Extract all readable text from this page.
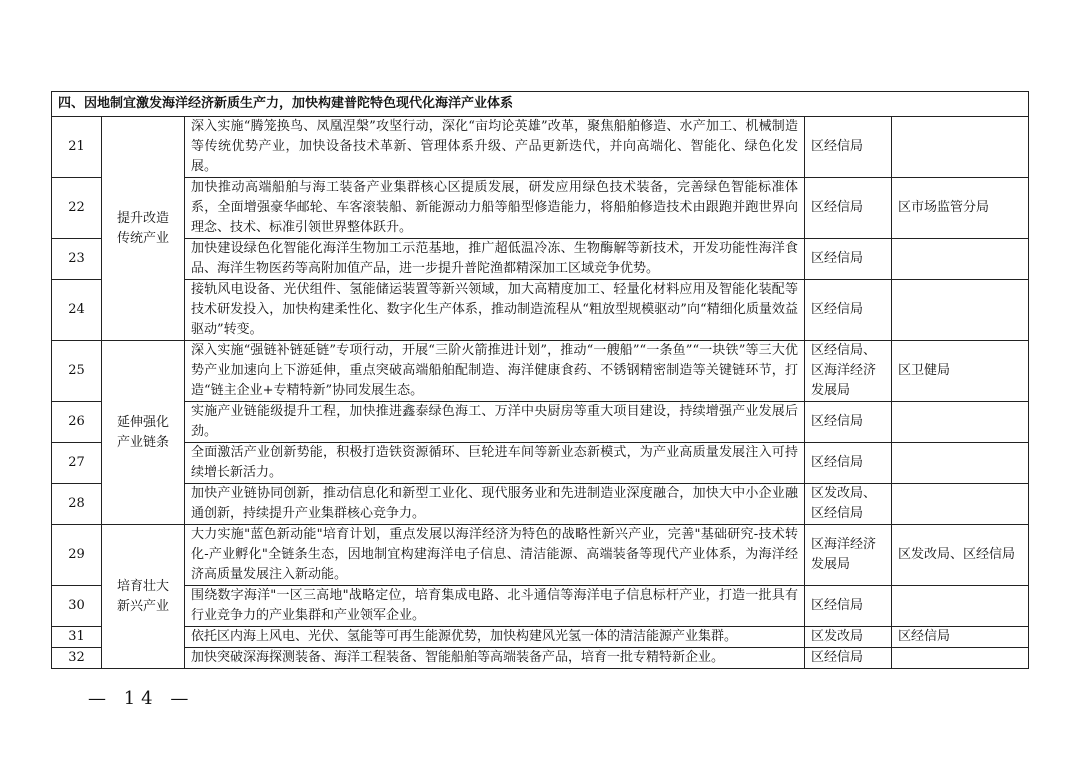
四、因地制宜激发海洋经济新质生产力，加快构建普陀特色现代化海洋产业体系				
21	提升改造传统产业	深入实施“腾笼换鸟、凤凰涅槃”攻坚行动，深化“亩均论英雄”改革，聚焦船舶修造、水产加工、机械制造等传统优势产业，加快设备技术革新、管理体系升级、产品更新迭代，并向高端化、智能化、绿色化发展。	区经信局	
22		加快推动高端船舶与海工装备产业集群核心区提质发展，研发应用绿色技术装备，完善绿色智能标准体系，全面增强豪华邮轮、车客滚装船、新能源动力船等船型修造能力，将船舶修造技术由跟跑并跑世界向理念、技术、标准引领世界整体跃升。	区经信局	区市场监管分局
23		加快建设绿色化智能化海洋生物加工示范基地，推广超低温冷冻、生物酶解等新技术，开发功能性海洋食品、海洋生物医药等高附加值产品，进一步提升普陀渔都精深加工区域竞争优势。	区经信局	
24		接轨风电设备、光伏组件、氢能储运装置等新兴领域，加大高精度加工、轻量化材料应用及智能化装配等技术研发投入，加快构建柔性化、数字化生产体系，推动制造流程从“粗放型规模驱动”向“精细化质量效益驱动”转变。	区经信局	
25	延伸强化产业链条	深入实施“强链补链延链”专项行动，开展“三阶火箭推进计划”，推动“一艘船”“一条鱼”“一块铁”等三大优势产业加速向上下游延伸，重点突破高端船舶配制造、海洋健康食药、不锈钢精密制造等关键链环节，打造“链主企业+专精特新”协同发展生态。	区经信局、区海洋经济发展局	区卫健局
26		实施产业链能级提升工程，加快推进鑫泰绿色海工、万洋中央厨房等重大项目建设，持续增强产业发展后劲。	区经信局	
27		全面激活产业创新势能，积极打造铁资源循环、巨轮进车间等新业态新模式，为产业高质量发展注入可持续增长新活力。	区经信局	
28		加快产业链协同创新，推动信息化和新型工业化、现代服务业和先进制造业深度融合，加快大中小企业融通创新，持续提升产业集群核心竞争力。	区发改局、区经信局	
29	培育壮大新兴产业	大力实施"蓝色新动能"培育计划，重点发展以海洋经济为特色的战略性新兴产业，完善"基础研究-技术转化-产业孵化"全链条生态，因地制宜构建海洋电子信息、清洁能源、高端装备等现代产业体系，为海洋经济高质量发展注入新动能。	区海洋经济发展局	区发改局、区经信局
30		围绕数字海洋"一区三高地"战略定位，培育集成电路、北斗通信等海洋电子信息标杆产业，打造一批具有行业竞争力的产业集群和产业领军企业。	区经信局	
31		依托区内海上风电、光伏、氢能等可再生能源优势，加快构建风光氢一体的清洁能源产业集群。	区发改局	区经信局
32		加快突破深海探测装备、海洋工程装备、智能船舶等高端装备产品，培育一批专精特新企业。	区经信局	
— 14 —
